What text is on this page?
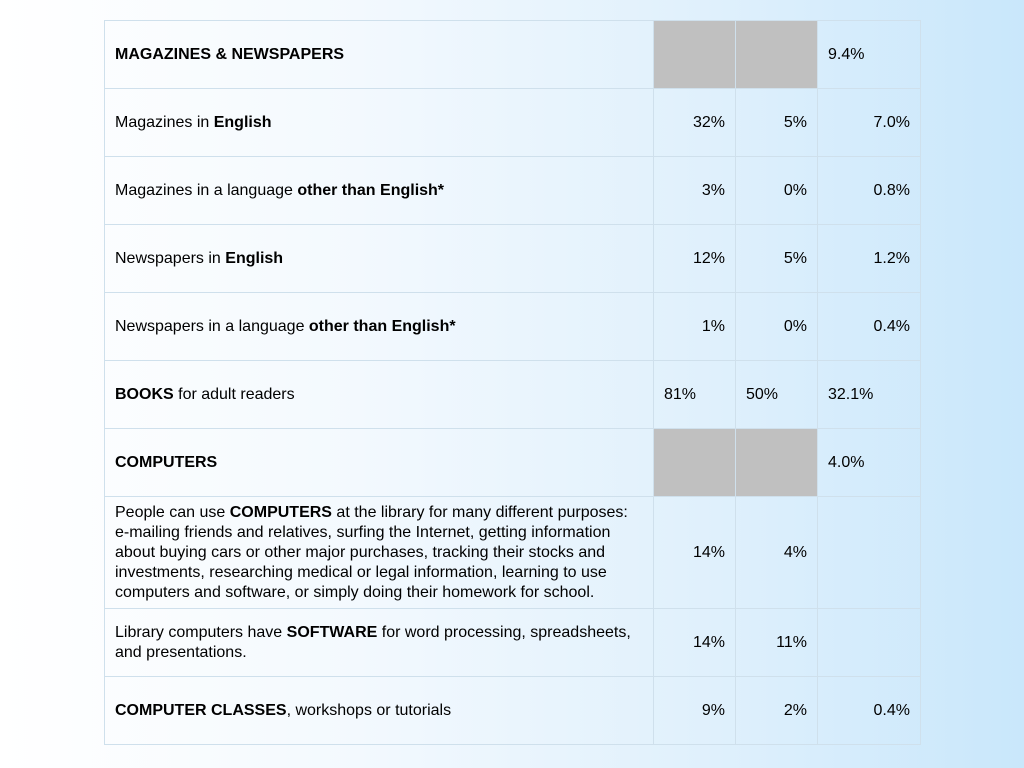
MAGAZINES & NEWSPAPERS			9.4%
Magazines in English	32%	5%	7.0%
Magazines in a language other than English*	3%	0%	0.8%
Newspapers in English	12%	5%	1.2%
Newspapers in a language other than English*	1%	0%	0.4%
BOOKS for adult readers	81%	50%	32.1%
COMPUTERS			4.0%
People can use COMPUTERS at the library for many different purposes: e-mailing friends and relatives, surfing the Internet, getting information about buying cars or other major purchases, tracking their stocks and investments, researching medical or legal information, learning to use computers and software, or simply doing their homework for school.	14%	4%	
Library computers have SOFTWARE for word processing, spreadsheets, and presentations.	14%	11%	
COMPUTER CLASSES, workshops or tutorials	9%	2%	0.4%
